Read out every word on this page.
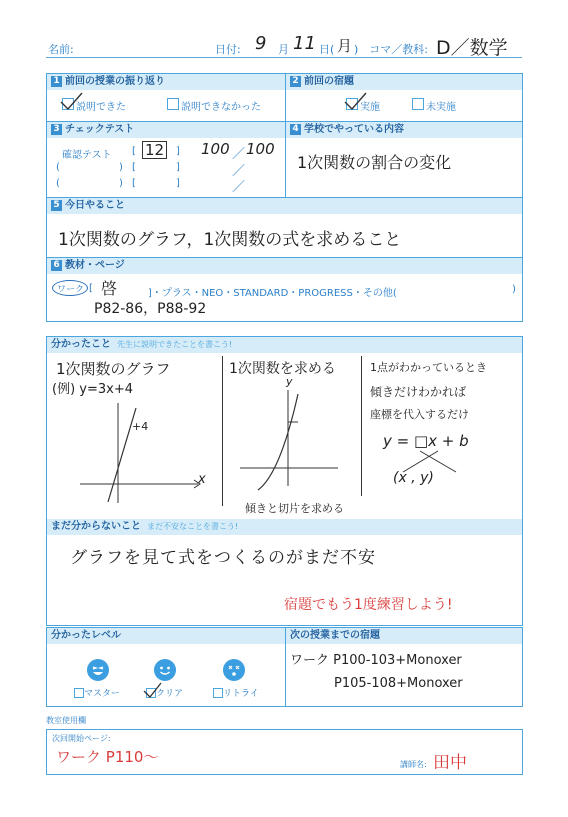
名前:	日付: 9 月 11 日( 月 )　コマ／教科: D／数学
1 前回の授業の振り返り
説明できた	説明できなかった
2 前回の宿題
実施	未実施
3 チェックテスト
確認テスト [ 12	] 100 ／ 100
(	) [	]	／
(	) [	]	／
4 学校でやっている内容
1次関数の割合の変化
5 今日やること
1次関数のグラフ，1次関数の式を求めること
6 教材・ページ
ワーク [ 啓	]・プラス・NEO・STANDARD・PROGRESS・その他(	)
P82-86，P88-92
分かったこと 先生に説明できたことを書こう!
1次関数のグラフ
(例) y=3x+4
+4
x
1次関数を求める
y
傾きと切片を求める
1点がわかっているとき
傾きだけわかれば
座標を代入するだけ
y = □x + b
(x , y)
まだ分からないこと まだ不安なことを書こう!
グラフを見て式をつくるのがまだ不安
宿題でもう1度練習しよう!
分かったレベル
マスター	クリア	リトライ
次の授業までの宿題
ワーク P100-103+Monoxer
P105-108+Monoxer
教室使用欄
次回開始ページ:
ワーク P110～	講師名: 田中
